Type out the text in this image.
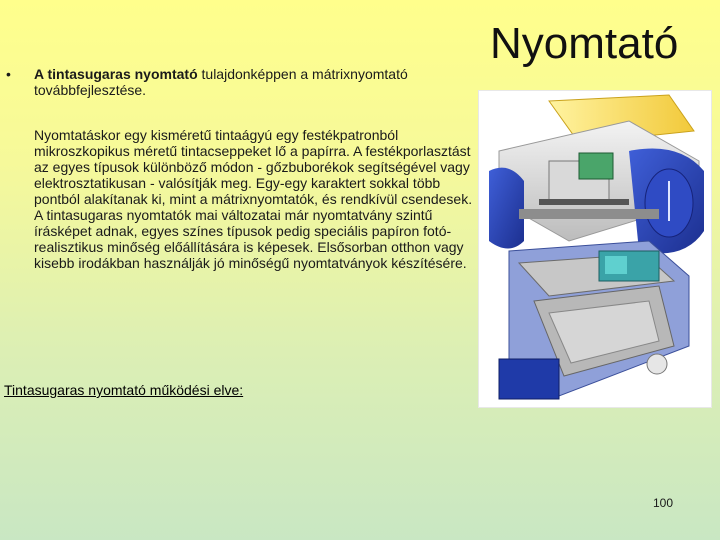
Nyomtató
• A tintasugaras nyomtató tulajdonképpen a mátrixnyomtató továbbfejlesztése.

Nyomtatáskor egy kisméretű tintaágyú egy festékpatronból mikroszkopikus méretű tintacseppeket lő a papírra. A festékporlasztást az egyes típusok különböző módon - gőzbuborékok segítségével vagy elektrosztatikusan - valósítják meg. Egy-egy karaktert sokkal több pontból alakítanak ki, mint a mátrixnyomtatók, és rendkívül csendesek.

A tintasugaras nyomtatók mai változatai már nyomtatvány szintű írásképet adnak, egyes színes típusok pedig speciális papíron fotó-realisztikus minőség előállítására is képesek. Elsősorban otthon vagy kisebb irodákban használják jó minőségű nyomtatványok készítésére.

Tintasugaras nyomtató működési elve:
100
